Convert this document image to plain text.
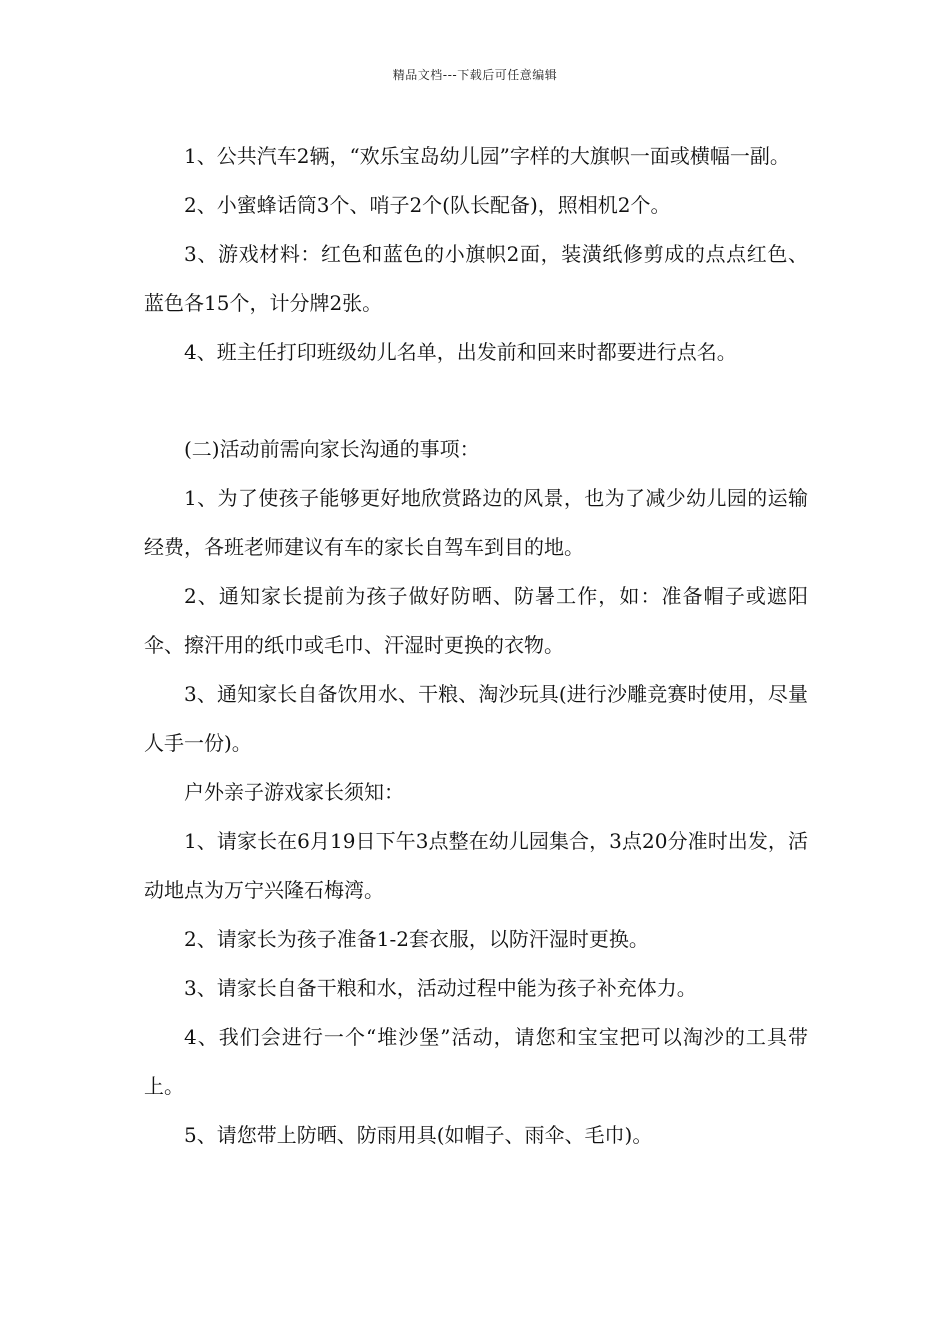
精品文档---下载后可任意编辑

1、公共汽车2辆，“欢乐宝岛幼儿园”字样的大旗帜一面或横幅一副。

2、小蜜蜂话筒3个、哨子2个(队长配备)，照相机2个。

3、游戏材料：红色和蓝色的小旗帜2面，装潢纸修剪成的点点红色、蓝色各15个，计分牌2张。

4、班主任打印班级幼儿名单，出发前和回来时都要进行点名。

(二)活动前需向家长沟通的事项：

1、为了使孩子能够更好地欣赏路边的风景，也为了减少幼儿园的运输经费，各班老师建议有车的家长自驾车到目的地。

2、通知家长提前为孩子做好防晒、防暑工作，如：准备帽子或遮阳伞、擦汗用的纸巾或毛巾、汗湿时更换的衣物。

3、通知家长自备饮用水、干粮、淘沙玩具(进行沙雕竞赛时使用，尽量人手一份)。

户外亲子游戏家长须知：

1、请家长在6月19日下午3点整在幼儿园集合，3点20分准时出发，活动地点为万宁兴隆石梅湾。

2、请家长为孩子准备1-2套衣服，以防汗湿时更换。

3、请家长自备干粮和水，活动过程中能为孩子补充体力。

4、我们会进行一个“堆沙堡”活动，请您和宝宝把可以淘沙的工具带上。

5、请您带上防晒、防雨用具(如帽子、雨伞、毛巾)。
